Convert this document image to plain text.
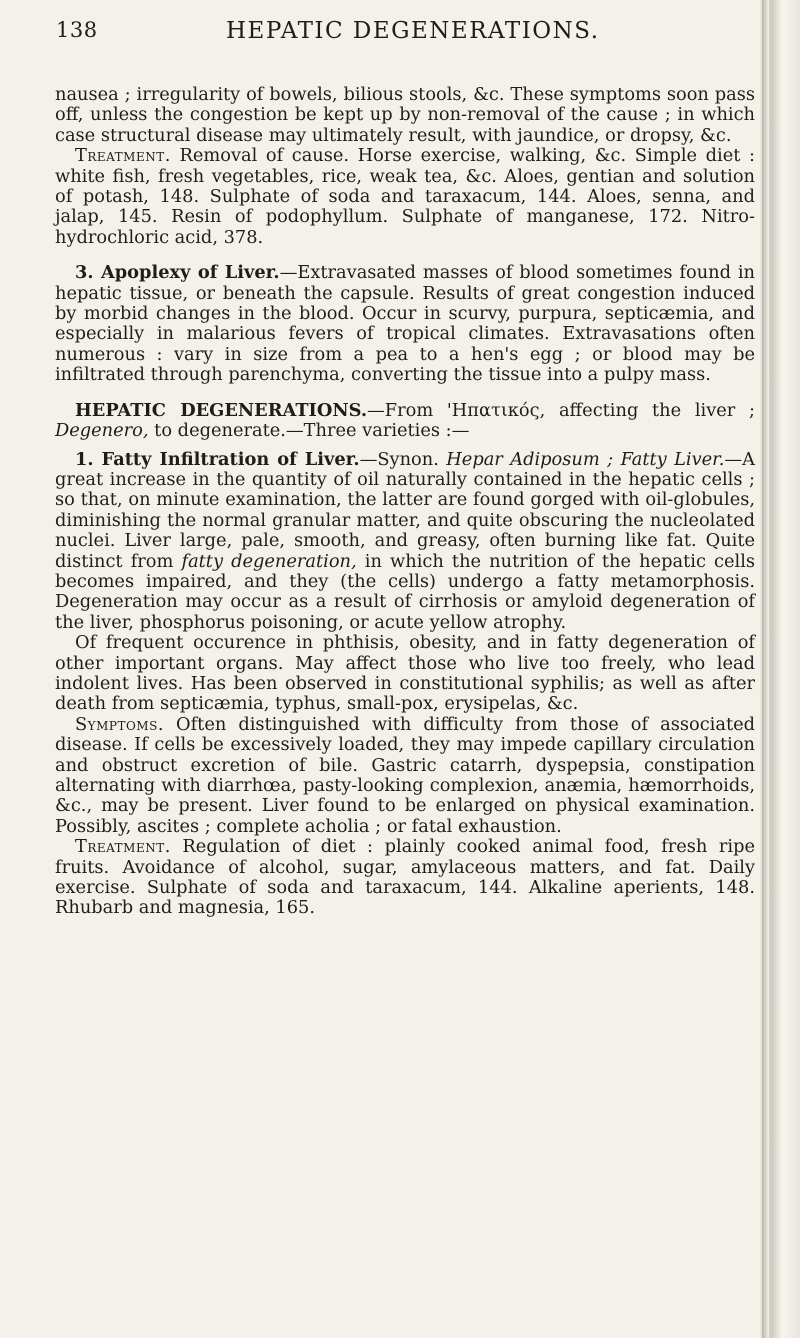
138	HEPATIC DEGENERATIONS.

nausea ; irregularity of bowels, bilious stools, &c. These symptoms soon pass off, unless the congestion be kept up by non-removal of the cause ; in which case structural disease may ultimately result, with jaundice, or dropsy, &c.

Treatment. Removal of cause. Horse exercise, walking, &c. Simple diet : white fish, fresh vegetables, rice, weak tea, &c. Aloes, gentian and solution of potash, 148. Sulphate of soda and taraxacum, 144. Aloes, senna, and jalap, 145. Resin of podophyllum. Sulphate of manganese, 172. Nitro-hydrochloric acid, 378.

3. Apoplexy of Liver.—Extravasated masses of blood sometimes found in hepatic tissue, or beneath the capsule. Results of great congestion induced by morbid changes in the blood. Occur in scurvy, purpura, septicæmia, and especially in malarious fevers of tropical climates. Extravasations often numerous : vary in size from a pea to a hen's egg ; or blood may be infiltrated through parenchyma, converting the tissue into a pulpy mass.

HEPATIC DEGENERATIONS.—From 'Ηπατικός, affecting the liver ; Degenero, to degenerate.—Three varieties :—

1. Fatty Infiltration of Liver.—Synon. Hepar Adiposum ; Fatty Liver.—A great increase in the quantity of oil naturally contained in the hepatic cells ; so that, on minute examination, the latter are found gorged with oil-globules, diminishing the normal granular matter, and quite obscuring the nucleolated nuclei. Liver large, pale, smooth, and greasy, often burning like fat. Quite distinct from fatty degeneration, in which the nutrition of the hepatic cells becomes impaired, and they (the cells) undergo a fatty metamorphosis. Degeneration may occur as a result of cirrhosis or amyloid degeneration of the liver, phosphorus poisoning, or acute yellow atrophy.

Of frequent occurence in phthisis, obesity, and in fatty degeneration of other important organs. May affect those who live too freely, who lead indolent lives. Has been observed in constitutional syphilis; as well as after death from septicæmia, typhus, small-pox, erysipelas, &c.

Symptoms. Often distinguished with difficulty from those of associated disease. If cells be excessively loaded, they may impede capillary circulation and obstruct excretion of bile. Gastric catarrh, dyspepsia, constipation alternating with diarrhœa, pasty-looking complexion, anæmia, hæmorrhoids, &c., may be present. Liver found to be enlarged on physical examination. Possibly, ascites ; complete acholia ; or fatal exhaustion.

Treatment. Regulation of diet : plainly cooked animal food, fresh ripe fruits. Avoidance of alcohol, sugar, amylaceous matters, and fat. Daily exercise. Sulphate of soda and taraxacum, 144. Alkaline aperients, 148. Rhubarb and magnesia, 165.
